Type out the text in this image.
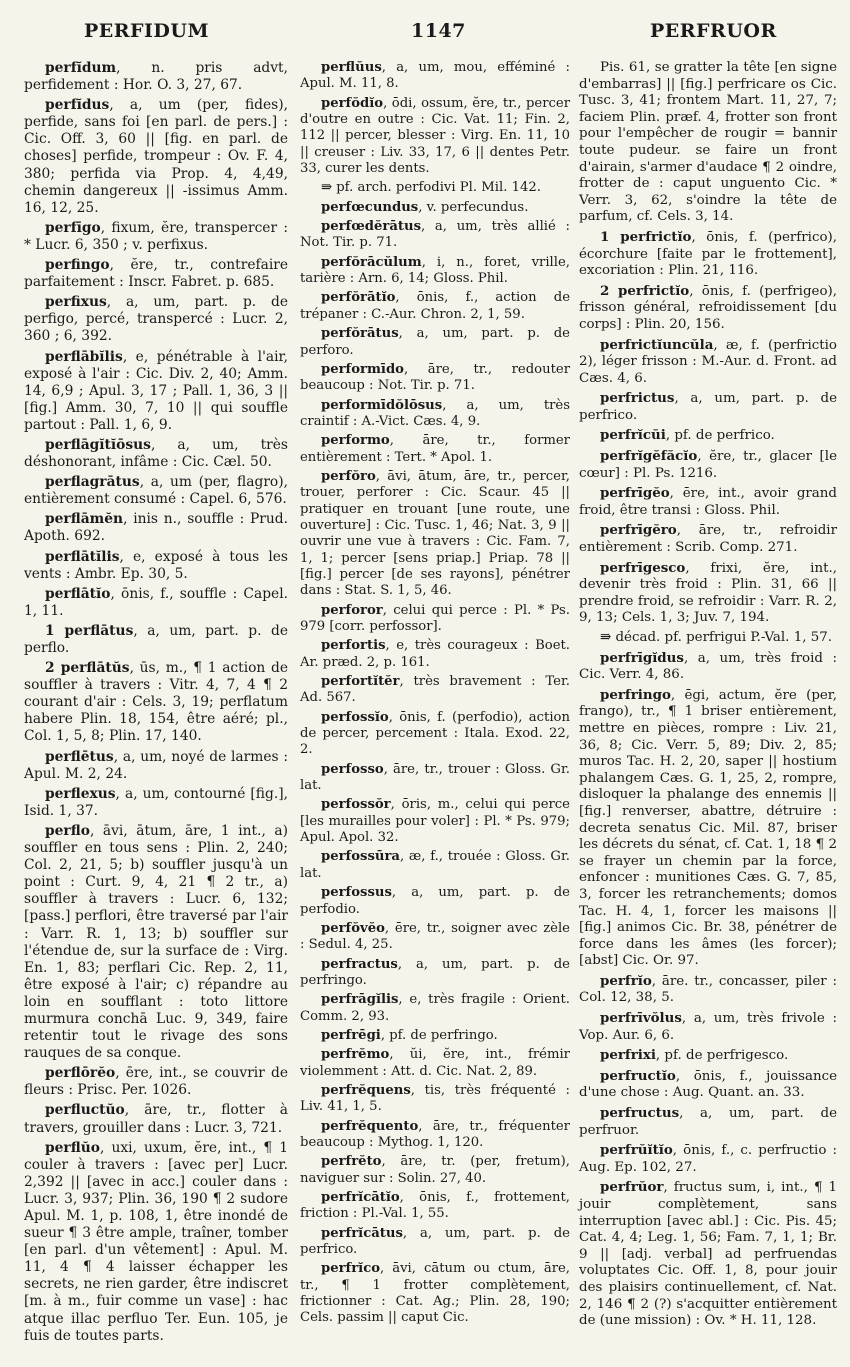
PERFIDUM	1147	PERFRUOR

perfĭdum, n. pris advt, perfidement : Hor. O. 3, 27, 67.

perfĭdus, a, um (per, fides), perfide, sans foi [en parl. de pers.] : Cic. Off. 3, 60 || [fig. en parl. de choses] perfide, trompeur : Ov. F. 4, 380; perfida via Prop. 4, 4,49, chemin dangereux || -issimus Amm. 16, 12, 25.

perfīgo, fixum, ĕre, transpercer : * Lucr. 6, 350 ; v. perfixus.

perfingo, ĕre, tr., contrefaire parfaitement : Inscr. Fabret. p. 685.

perfixus, a, um, part. p. de perfigo, percé, transpercé : Lucr. 2, 360 ; 6, 392.

perflābĭlis, e, pénétrable à l'air, exposé à l'air : Cic. Div. 2, 40; Amm. 14, 6,9 ; Apul. 3, 17 ; Pall. 1, 36, 3 || [fig.] Amm. 30, 7, 10 || qui souffle partout : Pall. 1, 6, 9.

perflāgĭtĭōsus, a, um, très déshonorant, infâme : Cic. Cæl. 50.

perflagrātus, a, um (per, flagro), entièrement consumé : Capel. 6, 576.

perflāmĕn, inis n., souffle : Prud. Apoth. 692.

perflātĭlis, e, exposé à tous les vents : Ambr. Ep. 30, 5.

perflātĭo, ōnis, f., souffle : Capel. 1, 11.

1 perflātus, a, um, part. p. de perflo.

2 perflātŭs, ūs, m., ¶ 1 action de souffler à travers : Vitr. 4, 7, 4 ¶ 2 courant d'air : Cels. 3, 19; perflatum habere Plin. 18, 154, être aéré; pl., Col. 1, 5, 8; Plin. 17, 140.

perflētus, a, um, noyé de larmes : Apul. M. 2, 24.

perflexus, a, um, contourné [fig.], Isid. 1, 37.

perflo, āvi, ātum, āre, 1 int., a) souffler en tous sens : Plin. 2, 240; Col. 2, 21, 5; b) souffler jusqu'à un point : Curt. 9, 4, 21 ¶ 2 tr., a) souffler à travers : Lucr. 6, 132; [pass.] perflori, être traversé par l'air : Varr. R. 1, 13; b) souffler sur l'étendue de, sur la surface de : Virg. En. 1, 83; perflari Cic. Rep. 2, 11, être exposé à l'air; c) répandre au loin en soufflant : toto littore murmura conchā Luc. 9, 349, faire retentir tout le rivage des sons rauques de sa conque.

perflōrĕo, ēre, int., se couvrir de fleurs : Prisc. Per. 1026.

perfluctŭo, āre, tr., flotter à travers, grouiller dans : Lucr. 3, 721.

perflŭo, uxi, uxum, ĕre, int., ¶ 1 couler à travers : [avec per] Lucr. 2,392 || [avec in acc.] couler dans : Lucr. 3, 937; Plin. 36, 190 ¶ 2 sudore Apul. M. 1, p. 108, 1, être inondé de sueur ¶ 3 être ample, traîner, tomber [en parl. d'un vêtement] : Apul. M. 11, 4 ¶ 4 laisser échapper les secrets, ne rien garder, être indiscret [m. à m., fuir comme un vase] : hac atque illac perfluo Ter. Eun. 105, je fuis de toutes parts.

perflŭus, a, um, mou, efféminé : Apul. M. 11, 8.

perfŏdĭo, ōdi, ossum, ĕre, tr., percer d'outre en outre : Cic. Vat. 11; Fin. 2, 112 || percer, blesser : Virg. En. 11, 10 || creuser : Liv. 33, 17, 6 || dentes Petr. 33, curer les dents.

⇛ pf. arch. perfodivi Pl. Mil. 142.

perfœcundus, v. perfecundus.

perfœdĕrātus, a, um, très allié : Not. Tir. p. 71.

perfŏrācŭlum, i, n., foret, vrille, tarière : Arn. 6, 14; Gloss. Phil.

perfŏrātĭo, ōnis, f., action de trépaner : C.-Aur. Chron. 2, 1, 59.

perfŏrātus, a, um, part. p. de perforo.

performīdo, āre, tr., redouter beaucoup : Not. Tir. p. 71.

performīdŏlōsus, a, um, très craintif : A.-Vict. Cæs. 4, 9.

performo, āre, tr., former entièrement : Tert. * Apol. 1.

perfŏro, āvi, ātum, āre, tr., percer, trouer, perforer : Cic. Scaur. 45 || pratiquer en trouant [une route, une ouverture] : Cic. Tusc. 1, 46; Nat. 3, 9 || ouvrir une vue à travers : Cic. Fam. 7, 1, 1; percer [sens priap.] Priap. 78 || [fig.] percer [de ses rayons], pénétrer dans : Stat. S. 1, 5, 46.

perforor, celui qui perce : Pl. * Ps. 979 [corr. perfossor].

perfortis, e, très courageux : Boet. Ar. præd. 2, p. 161.

perfortĭtĕr, très bravement : Ter. Ad. 567.

perfossĭo, ōnis, f. (perfodio), action de percer, percement : Itala. Exod. 22, 2.

perfosso, āre, tr., trouer : Gloss. Gr. lat.

perfossŏr, ōris, m., celui qui perce [les murailles pour voler] : Pl. * Ps. 979; Apul. Apol. 32.

perfossūra, æ, f., trouée : Gloss. Gr. lat.

perfossus, a, um, part. p. de perfodio.

perfŏvĕo, ēre, tr., soigner avec zèle : Sedul. 4, 25.

perfractus, a, um, part. p. de perfringo.

perfrāgĭlis, e, très fragile : Orient. Comm. 2, 93.

perfrēgi, pf. de perfringo.

perfrĕmo, ŭi, ĕre, int., frémir violemment : Att. d. Cic. Nat. 2, 89.

perfrĕquens, tis, très fréquenté : Liv. 41, 1, 5.

perfrĕquento, āre, tr., fréquenter beaucoup : Mythog. 1, 120.

perfrĕto, āre, tr. (per, fretum), naviguer sur : Solin. 27, 40.

perfrĭcātĭo, ōnis, f., frottement, friction : Pl.-Val. 1, 55.

perfrĭcātus, a, um, part. p. de perfrico.

perfrĭco, āvi, cātum ou ctum, āre, tr., ¶ 1 frotter complètement, frictionner : Cat. Ag.; Plin. 28, 190; Cels. passim || caput Cic.

Pis. 61, se gratter la tête [en signe d'embarras] || [fig.] perfricare os Cic. Tusc. 3, 41; frontem Mart. 11, 27, 7; faciem Plin. præf. 4, frotter son front pour l'empêcher de rougir = bannir toute pudeur. se faire un front d'airain, s'armer d'audace ¶ 2 oindre, frotter de : caput unguento Cic. * Verr. 3, 62, s'oindre la tête de parfum, cf. Cels. 3, 14.

1 perfrictĭo, ōnis, f. (perfrico), écorchure [faite par le frottement], excoriation : Plin. 21, 116.

2 perfrictĭo, ōnis, f. (perfrigeo), frisson général, refroidissement [du corps] : Plin. 20, 156.

perfrictĭuncŭla, æ, f. (perfrictio 2), léger frisson : M.-Aur. d. Front. ad Cæs. 4, 6.

perfrictus, a, um, part. p. de perfrico.

perfrĭcŭi, pf. de perfrico.

perfrĭgĕfăcĭo, ĕre, tr., glacer [le cœur] : Pl. Ps. 1216.

perfrīgĕo, ēre, int., avoir grand froid, être transi : Gloss. Phil.

perfrīgĕro, āre, tr., refroidir entièrement : Scrib. Comp. 271.

perfrīgesco, frixi, ĕre, int., devenir très froid : Plin. 31, 66 || prendre froid, se refroidir : Varr. R. 2, 9, 13; Cels. 1, 3; Juv. 7, 194.

⇛ décad. pf. perfrigui P.-Val. 1, 57.

perfrīgĭdus, a, um, très froid : Cic. Verr. 4, 86.

perfringo, ēgi, actum, ĕre (per, frango), tr., ¶ 1 briser entièrement, mettre en pièces, rompre : Liv. 21, 36, 8; Cic. Verr. 5, 89; Div. 2, 85; muros Tac. H. 2, 20, saper || hostium phalangem Cæs. G. 1, 25, 2, rompre, disloquer la phalange des ennemis || [fig.] renverser, abattre, détruire : decreta senatus Cic. Mil. 87, briser les décrets du sénat, cf. Cat. 1, 18 ¶ 2 se frayer un chemin par la force, enfoncer : munitiones Cæs. G. 7, 85, 3, forcer les retranchements; domos Tac. H. 4, 1, forcer les maisons || [fig.] animos Cic. Br. 38, pénétrer de force dans les âmes (les forcer); [abst] Cic. Or. 97.

perfrĭo, āre. tr., concasser, piler : Col. 12, 38, 5.

perfrīvŏlus, a, um, très frivole : Vop. Aur. 6, 6.

perfrixi, pf. de perfrigesco.

perfructĭo, ōnis, f., jouissance d'une chose : Aug. Quant. an. 33.

perfructus, a, um, part. de perfruor.

perfrŭĭtĭo, ōnis, f., c. perfructio : Aug. Ep. 102, 27.

perfrŭor, fructus sum, i, int., ¶ 1 jouir complètement, sans interruption [avec abl.] : Cic. Pis. 45; Cat. 4, 4; Leg. 1, 56; Fam. 7, 1, 1; Br. 9 || [adj. verbal] ad perfruendas voluptates Cic. Off. 1, 8, pour jouir des plaisirs continuellement, cf. Nat. 2, 146 ¶ 2 (?) s'acquitter entièrement de (une mission) : Ov. * H. 11, 128.
